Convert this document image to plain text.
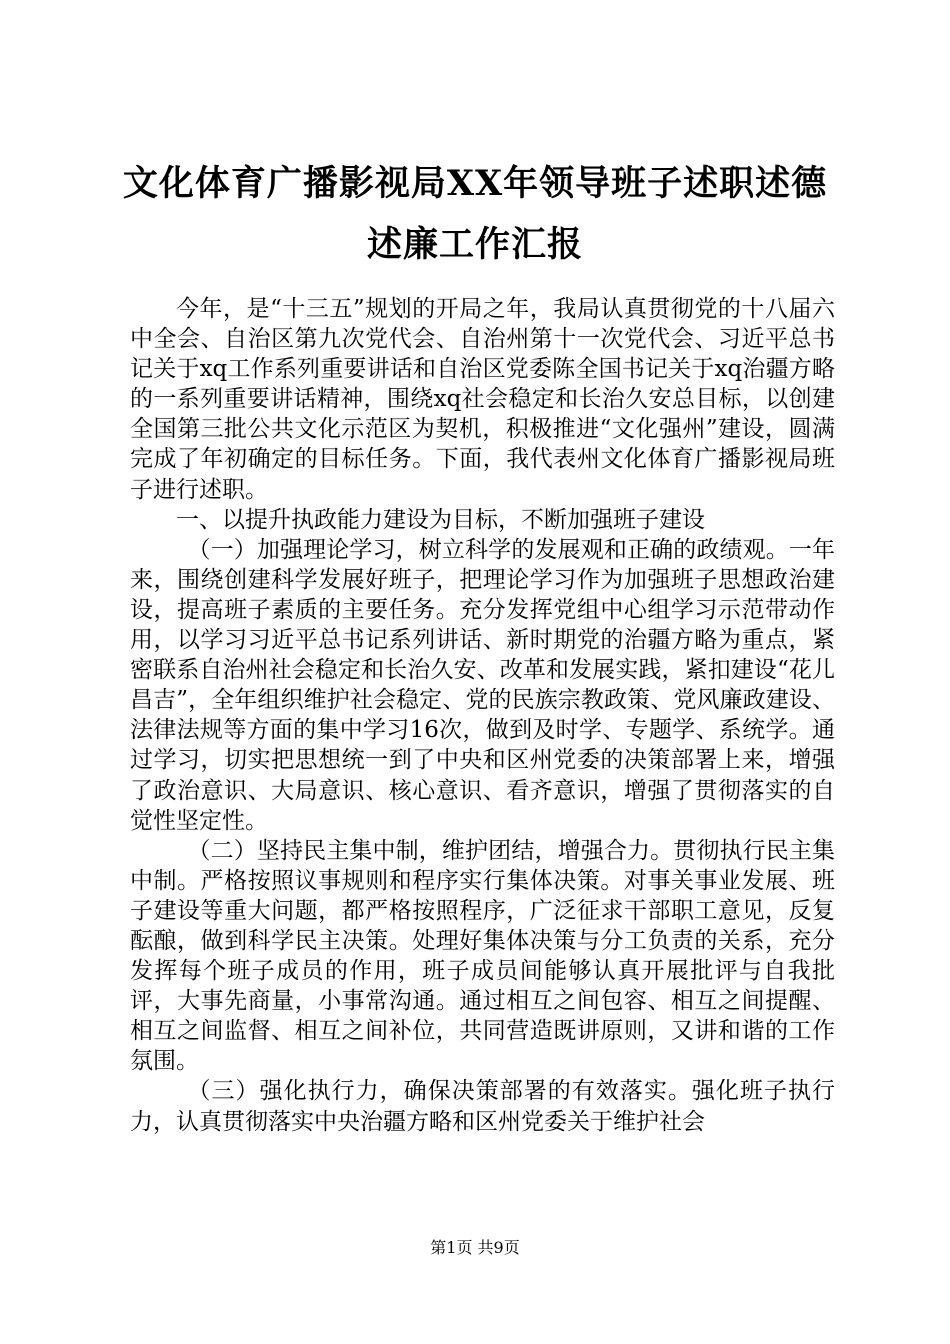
文化体育广播影视局XX年领导班子述职述德
述廉工作汇报

今年，是“十三五”规划的开局之年，我局认真贯彻党的十八届六中全会、自治区第九次党代会、自治州第十一次党代会、习近平总书记关于xq工作系列重要讲话和自治区党委陈全国书记关于xq治疆方略的一系列重要讲话精神，围绕xq社会稳定和长治久安总目标，以创建全国第三批公共文化示范区为契机，积极推进“文化强州”建设，圆满完成了年初确定的目标任务。下面，我代表州文化体育广播影视局班子进行述职。

一、以提升执政能力建设为目标，不断加强班子建设

（一）加强理论学习，树立科学的发展观和正确的政绩观。一年来，围绕创建科学发展好班子，把理论学习作为加强班子思想政治建设，提高班子素质的主要任务。充分发挥党组中心组学习示范带动作用，以学习习近平总书记系列讲话、新时期党的治疆方略为重点，紧密联系自治州社会稳定和长治久安、改革和发展实践，紧扣建设“花儿昌吉”，全年组织维护社会稳定、党的民族宗教政策、党风廉政建设、法律法规等方面的集中学习16次，做到及时学、专题学、系统学。通过学习，切实把思想统一到了中央和区州党委的决策部署上来，增强了政治意识、大局意识、核心意识、看齐意识，增强了贯彻落实的自觉性坚定性。

（二）坚持民主集中制，维护团结，增强合力。贯彻执行民主集中制。严格按照议事规则和程序实行集体决策。对事关事业发展、班子建设等重大问题，都严格按照程序，广泛征求干部职工意见，反复酝酿，做到科学民主决策。处理好集体决策与分工负责的关系，充分发挥每个班子成员的作用，班子成员间能够认真开展批评与自我批评，大事先商量，小事常沟通。通过相互之间包容、相互之间提醒、相互之间监督、相互之间补位，共同营造既讲原则，又讲和谐的工作氛围。

（三）强化执行力，确保决策部署的有效落实。强化班子执行力，认真贯彻落实中央治疆方略和区州党委关于维护社会

第1页 共9页
